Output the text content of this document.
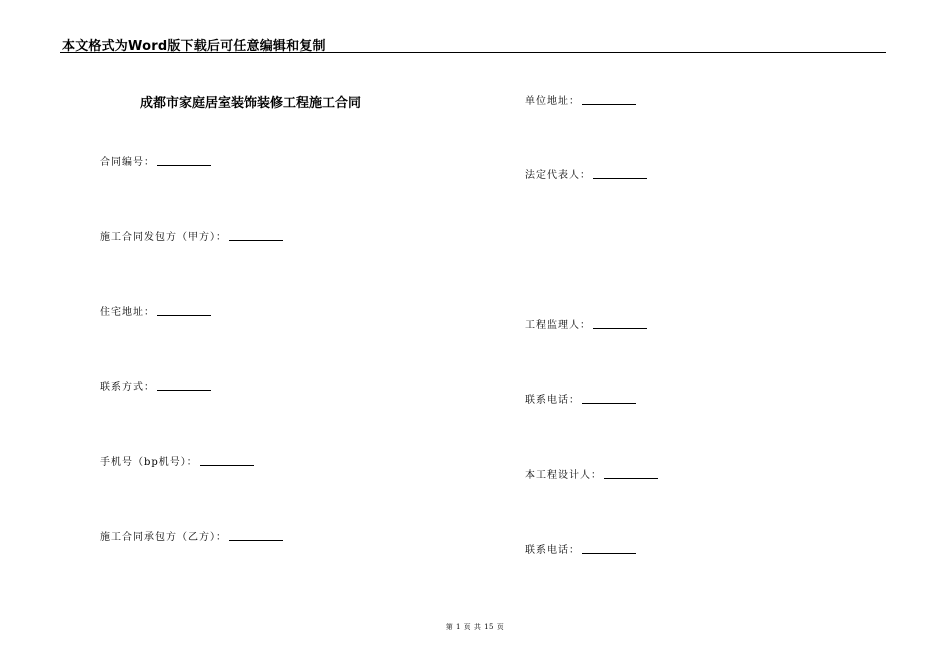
本文格式为Word版下载后可任意编辑和复制
成都市家庭居室装饰装修工程施工合同
合同编号：
施工合同发包方（甲方）：
住宅地址：
联系方式：
手机号（bp机号）：
施工合同承包方（乙方）：
单位地址：
法定代表人：
工程监理人：
联系电话：
本工程设计人：
联系电话：
第 1 页 共 15 页
